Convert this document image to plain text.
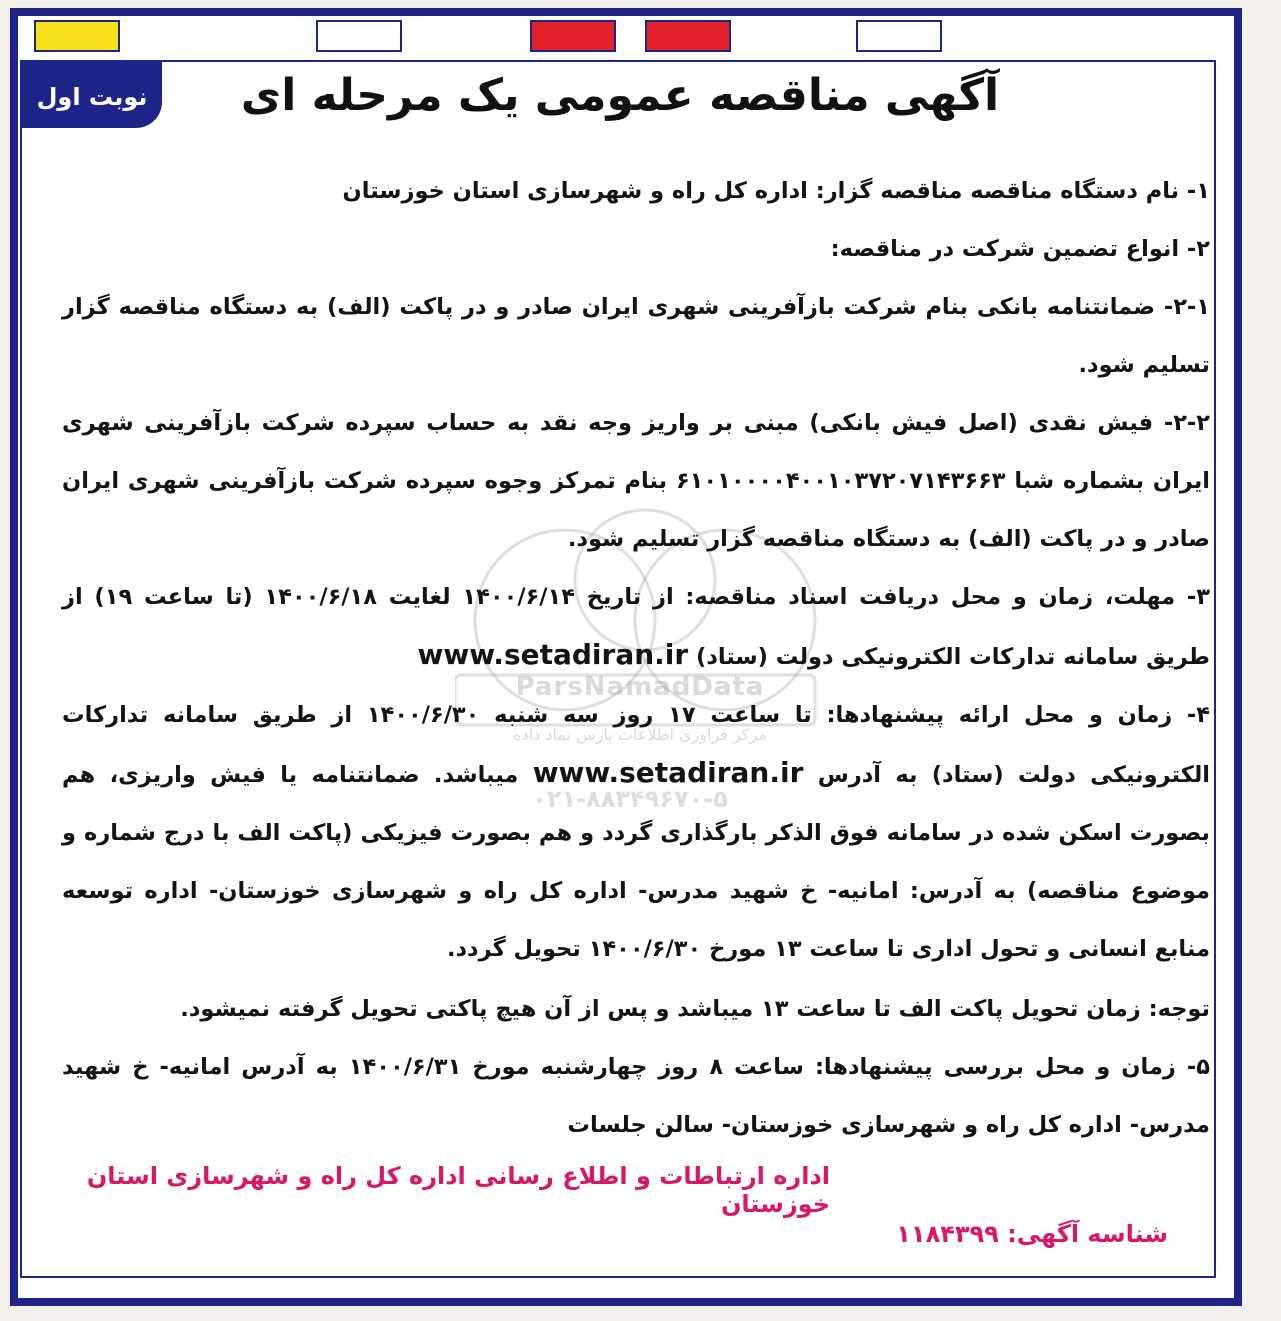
نوبت اول	آگهی مناقصه عمومی یک مرحله ای
ParsNamadData
مرکز فراوری اطلاعات پارس نماد داده
۰۲۱-۸۸۳۴۹۶۷۰-۵

۱- نام دستگاه مناقصه مناقصه گزار: اداره کل راه و شهرسازی استان خوزستان

۲- انواع تضمین شرکت در مناقصه:

۲-۱- ضمانتنامه بانکی بنام شرکت بازآفرینی شهری ایران صادر و در پاکت (الف) به دستگاه مناقصه گزار تسلیم شود.

۲-۲- فیش نقدی (اصل فیش بانکی) مبنی بر واریز وجه نقد به حساب سپرده شرکت بازآفرینی شهری ایران بشماره شبا ۶۱۰۱۰۰۰۰۴۰۰۱۰۳۷۲۰۷۱۴۳۶۶۳ بنام تمرکز وجوه سپرده شرکت بازآفرینی شهری ایران صادر و در پاکت (الف) به دستگاه مناقصه گزار تسلیم شود.

۳- مهلت، زمان و محل دریافت اسناد مناقصه: از تاریخ ۱۴۰۰/۶/۱۴ لغایت ۱۴۰۰/۶/۱۸ (تا ساعت ۱۹) از طریق سامانه تدارکات الکترونیکی دولت (ستاد) www.setadiran.ir

۴- زمان و محل ارائه پیشنهادها: تا ساعت ۱۷ روز سه شنبه ۱۴۰۰/۶/۳۰ از طریق سامانه تدارکات الکترونیکی دولت (ستاد) به آدرس www.setadiran.ir میباشد. ضمانتنامه یا فیش واریزی، هم بصورت اسکن شده در سامانه فوق الذکر بارگذاری گردد و هم بصورت فیزیکی (پاکت الف با درج شماره و موضوع مناقصه) به آدرس: امانیه- خ شهید مدرس- اداره کل راه و شهرسازی خوزستان- اداره توسعه منابع انسانی و تحول اداری تا ساعت ۱۳ مورخ ۱۴۰۰/۶/۳۰ تحویل گردد.

توجه: زمان تحویل پاکت الف تا ساعت ۱۳ میباشد و پس از آن هیچ پاکتی تحویل گرفته نمیشود.

۵- زمان و محل بررسی پیشنهادها: ساعت ۸ روز چهارشنبه مورخ ۱۴۰۰/۶/۳۱ به آدرس امانیه- خ شهید مدرس- اداره کل راه و شهرسازی خوزستان- سالن جلسات

اداره ارتباطات و اطلاع رسانی اداره کل راه و شهرسازی استان خوزستان
شناسه آگهی: ۱۱۸۴۳۹۹
